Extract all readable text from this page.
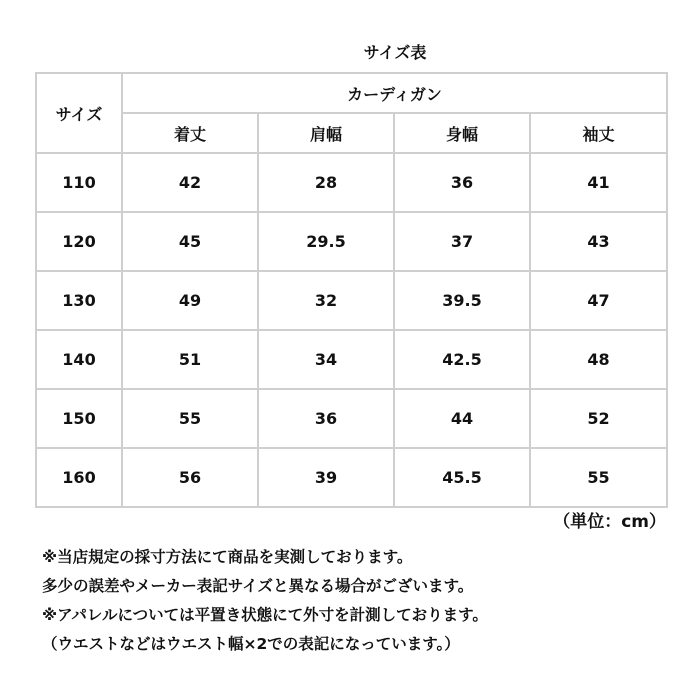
サイズ表
サイズ	カーディガン			
	着丈	肩幅	身幅	袖丈
110	42	28	36	41
120	45	29.5	37	43
130	49	32	39.5	47
140	51	34	42.5	48
150	55	36	44	52
160	56	39	45.5	55
（単位：cm）
※当店規定の採寸方法にて商品を実測しております。
多少の誤差やメーカー表記サイズと異なる場合がございます。
※アパレルについては平置き状態にて外寸を計測しております。
（ウエストなどはウエスト幅×2での表記になっています。）
